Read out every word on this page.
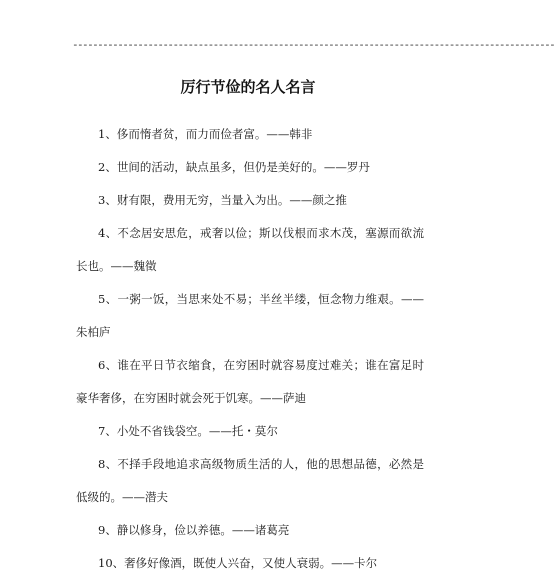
------------------------------------------------------------------------------------------------
厉行节俭的名人名言
1、侈而惰者贫，而力而俭者富。——韩非
2、世间的活动，缺点虽多，但仍是美好的。——罗丹
3、财有限，费用无穷，当量入为出。——颜之推
4、不念居安思危，戒奢以俭；斯以伐根而求木茂，塞源而欲流长也。——魏徵
5、一粥一饭，当思来处不易；半丝半缕，恒念物力维艰。——朱柏庐
6、谁在平日节衣缩食，在穷困时就容易度过难关；谁在富足时豪华奢侈，在穷困时就会死于饥寒。——萨迪
7、小处不省钱袋空。——托・莫尔
8、不择手段地追求高级物质生活的人，他的思想品德，必然是低级的。——潜夫
9、静以修身，俭以养德。——诸葛亮
10、奢侈好像酒，既使人兴奋，又使人衰弱。——卡尔
